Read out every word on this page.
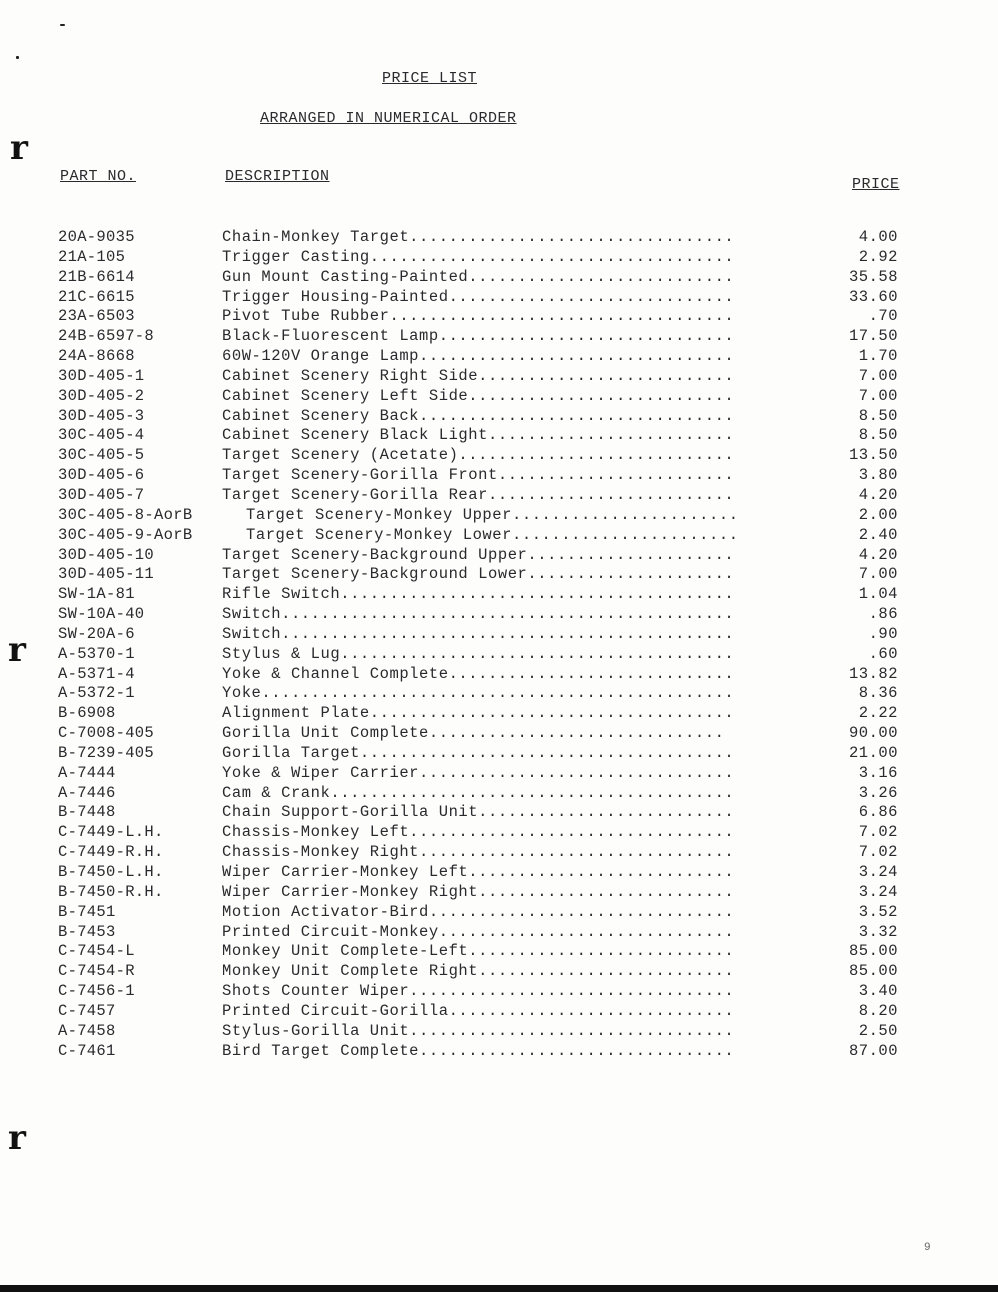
r
r
r
PRICE LIST
ARRANGED IN NUMERICAL ORDER
PART NO.	DESCRIPTION	PRICE
20A-9035	Chain-Monkey Target.................................	4.00
21A-105	Trigger Casting.....................................	2.92
21B-6614	Gun Mount Casting-Painted...........................	35.58
21C-6615	Trigger Housing-Painted.............................	33.60
23A-6503	Pivot Tube Rubber...................................	.70
24B-6597-8	Black-Fluorescent Lamp..............................	17.50
24A-8668	60W-120V Orange Lamp................................	1.70
30D-405-1	Cabinet Scenery Right Side..........................	7.00
30D-405-2	Cabinet Scenery Left Side...........................	7.00
30D-405-3	Cabinet Scenery Back................................	8.50
30C-405-4	Cabinet Scenery Black Light.........................	8.50
30C-405-5	Target Scenery (Acetate)............................	13.50
30D-405-6	Target Scenery-Gorilla Front........................	3.80
30D-405-7	Target Scenery-Gorilla Rear.........................	4.20
30C-405-8-AorB	Target Scenery-Monkey Upper.......................	2.00
30C-405-9-AorB	Target Scenery-Monkey Lower.......................	2.40
30D-405-10	Target Scenery-Background Upper.....................	4.20
30D-405-11	Target Scenery-Background Lower.....................	7.00
SW-1A-81	Rifle Switch........................................	1.04
SW-10A-40	Switch..............................................	.86
SW-20A-6	Switch..............................................	.90
A-5370-1	Stylus & Lug........................................	.60
A-5371-4	Yoke & Channel Complete.............................	13.82
A-5372-1	Yoke................................................	8.36
B-6908	Alignment Plate.....................................	2.22
C-7008-405	Gorilla Unit Complete..............................	90.00
B-7239-405	Gorilla Target......................................	21.00
A-7444	Yoke & Wiper Carrier................................	3.16
A-7446	Cam & Crank.........................................	3.26
B-7448	Chain Support-Gorilla Unit..........................	6.86
C-7449-L.H.	Chassis-Monkey Left.................................	7.02
C-7449-R.H.	Chassis-Monkey Right................................	7.02
B-7450-L.H.	Wiper Carrier-Monkey Left...........................	3.24
B-7450-R.H.	Wiper Carrier-Monkey Right..........................	3.24
B-7451	Motion Activator-Bird...............................	3.52
B-7453	Printed Circuit-Monkey..............................	3.32
C-7454-L	Monkey Unit Complete-Left...........................	85.00
C-7454-R	Monkey Unit Complete Right..........................	85.00
C-7456-1	Shots Counter Wiper.................................	3.40
C-7457	Printed Circuit-Gorilla.............................	8.20
A-7458	Stylus-Gorilla Unit.................................	2.50
C-7461	Bird Target Complete................................	87.00
9
